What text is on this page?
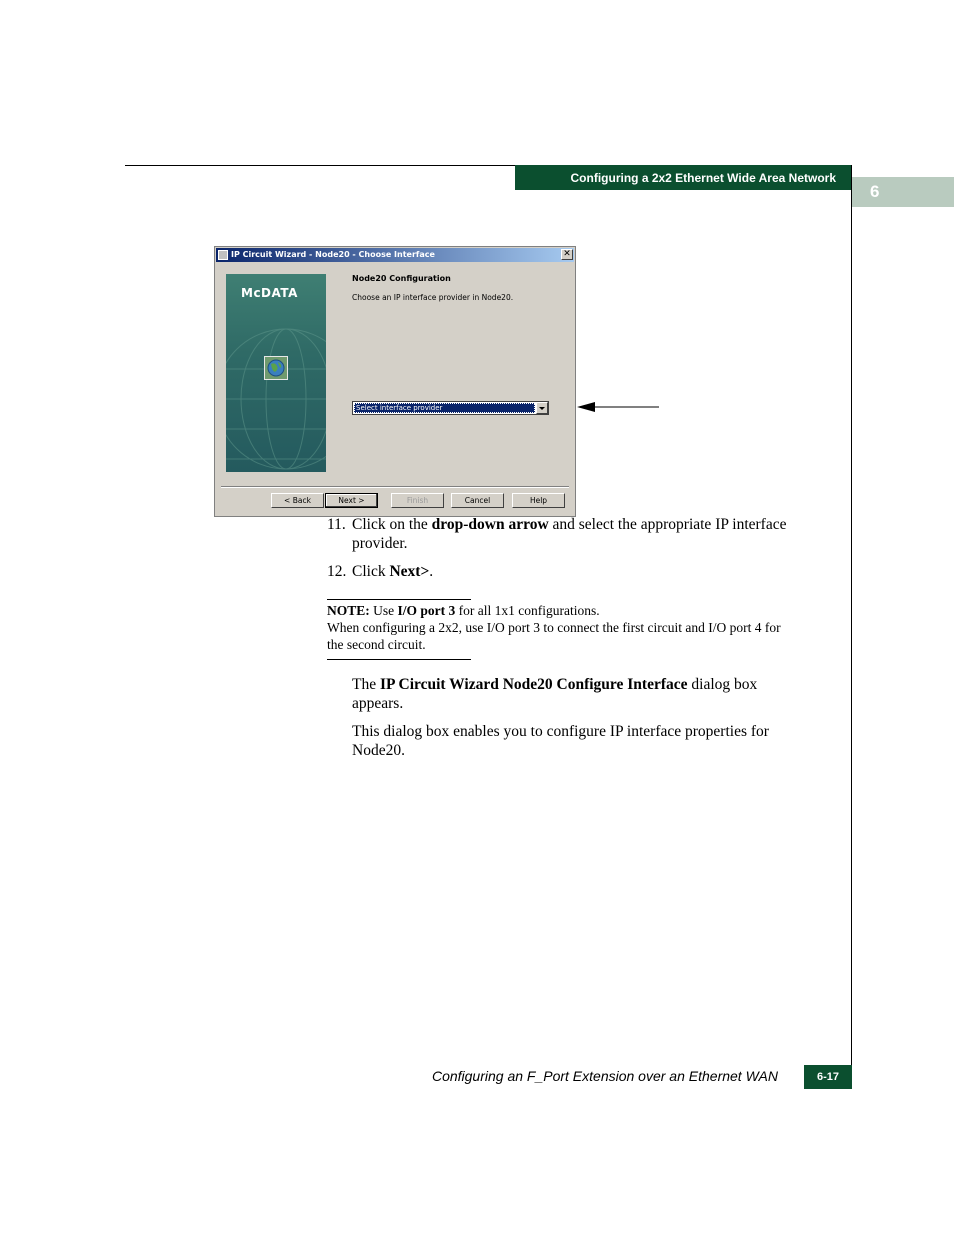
Configuring a 2x2 Ethernet Wide Area Network
6
IP Circuit Wizard - Node20 - Choose Interface	✕
McDATA
Node20 Configuration
Choose an IP interface provider in Node20.
Select interface provider
< Back	Next >	Finish	Cancel	Help
11. Click on the drop-down arrow and select the appropriate IP interface provider.
12. Click Next>.
NOTE: Use I/O port 3 for all 1x1 configurations.
When configuring a 2x2, use I/O port 3 to connect the first circuit and I/O port 4 for the second circuit.
The IP Circuit Wizard Node20 Configure Interface dialog box appears.
This dialog box enables you to configure IP interface properties for Node20.
Configuring an F_Port Extension over an Ethernet WAN	6-17
